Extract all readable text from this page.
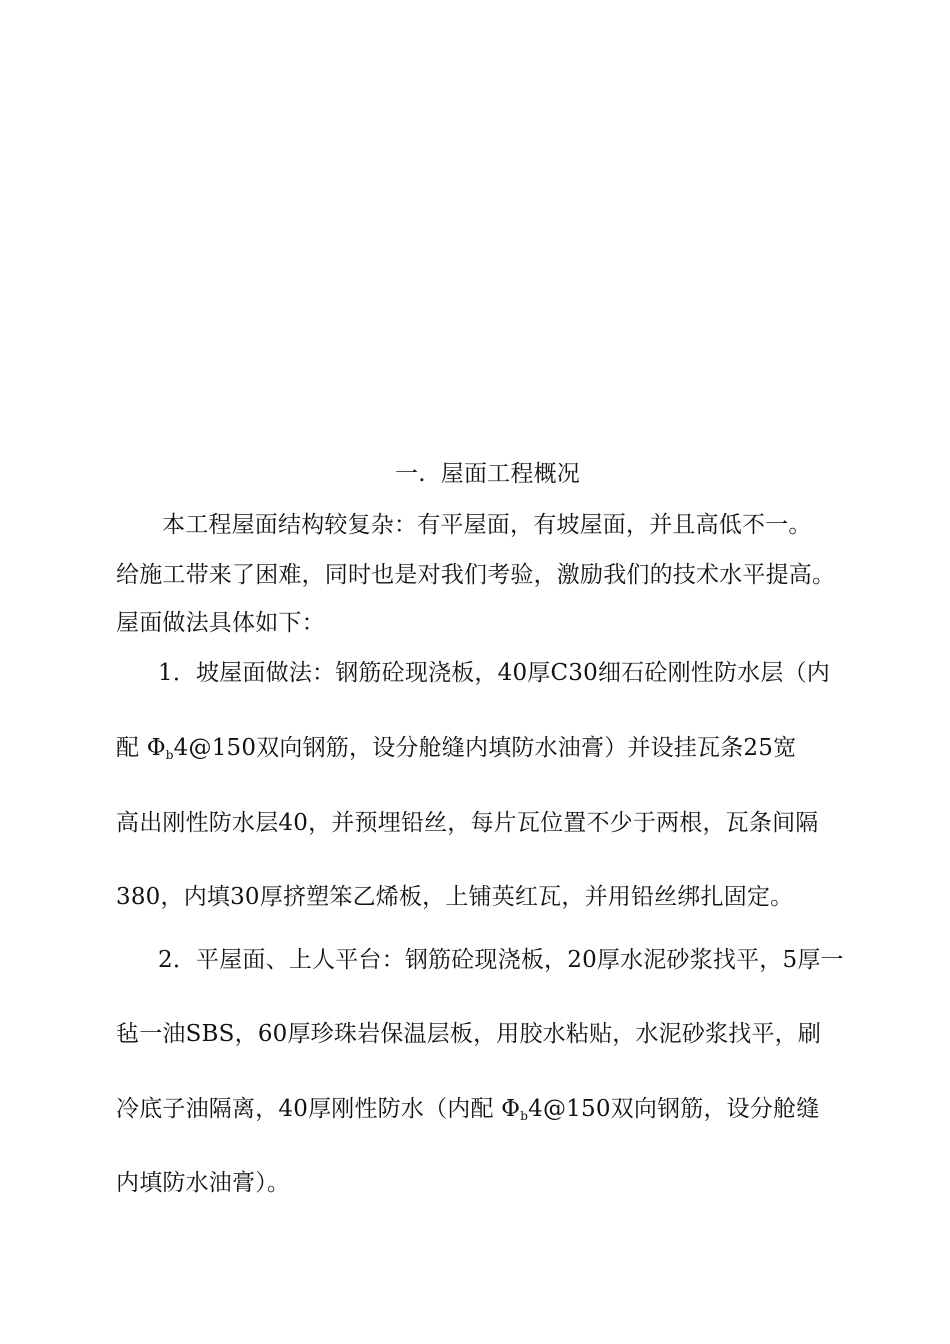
一. 屋面工程概况
本工程屋面结构较复杂：有平屋面，有坡屋面，并且高低不一。
给施工带来了困难，同时也是对我们考验，激励我们的技术水平提高。
屋面做法具体如下：
1．坡屋面做法：钢筋砼现浇板，40厚C30细石砼刚性防水层（内
配 Φb4@150双向钢筋，设分舱缝内填防水油膏）并设挂瓦条25宽
高出刚性防水层40，并预埋铅丝，每片瓦位置不少于两根，瓦条间隔
380，内填30厚挤塑笨乙烯板，上铺英红瓦，并用铅丝绑扎固定。
2．平屋面、上人平台：钢筋砼现浇板，20厚水泥砂浆找平，5厚一
毡一油SBS，60厚珍珠岩保温层板，用胶水粘贴，水泥砂浆找平，刷
冷底子油隔离，40厚刚性防水（内配 Φb4@150双向钢筋，设分舱缝
内填防水油膏）。
